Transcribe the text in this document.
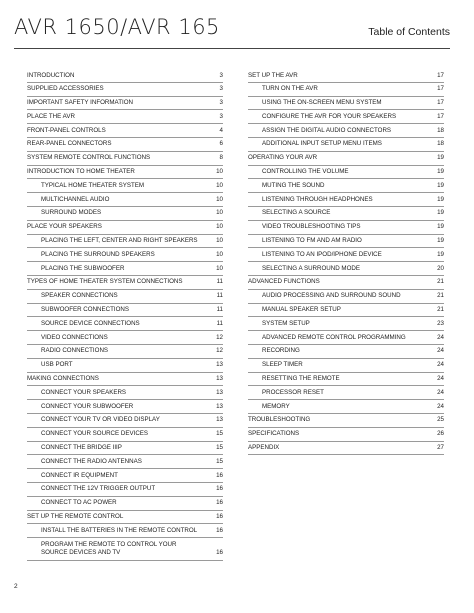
AVR 1650/AVR 165	Table of Contents
INTRODUCTION	3
SUPPLIED ACCESSORIES	3
IMPORTANT SAFETY INFORMATION	3
PLACE THE AVR	3
FRONT-PANEL CONTROLS	4
REAR-PANEL CONNECTORS	6
SYSTEM REMOTE CONTROL FUNCTIONS	8
INTRODUCTION TO HOME THEATER	10
TYPICAL HOME THEATER SYSTEM	10
MULTICHANNEL AUDIO	10
SURROUND MODES	10
PLACE YOUR SPEAKERS	10
PLACING THE LEFT, CENTER AND RIGHT SPEAKERS	10
PLACING THE SURROUND SPEAKERS	10
PLACING THE SUBWOOFER	10
TYPES OF HOME THEATER SYSTEM CONNECTIONS	11
SPEAKER CONNECTIONS	11
SUBWOOFER CONNECTIONS	11
SOURCE DEVICE CONNECTIONS	11
VIDEO CONNECTIONS	12
RADIO CONNECTIONS	12
USB PORT	13
MAKING CONNECTIONS	13
CONNECT YOUR SPEAKERS	13
CONNECT YOUR SUBWOOFER	13
CONNECT YOUR TV OR VIDEO DISPLAY	13
CONNECT YOUR SOURCE DEVICES	15
CONNECT THE BRIDGE IIIP	15
CONNECT THE RADIO ANTENNAS	15
CONNECT IR EQUIPMENT	16
CONNECT THE 12V TRIGGER OUTPUT	16
CONNECT TO AC POWER	16
SET UP THE REMOTE CONTROL	16
INSTALL THE BATTERIES IN THE REMOTE CONTROL	16
PROGRAM THE REMOTE TO CONTROL YOUR SOURCE DEVICES AND TV	16
SET UP THE AVR	17
TURN ON THE AVR	17
USING THE ON-SCREEN MENU SYSTEM	17
CONFIGURE THE AVR FOR YOUR SPEAKERS	17
ASSIGN THE DIGITAL AUDIO CONNECTORS	18
ADDITIONAL INPUT SETUP MENU ITEMS	18
OPERATING YOUR AVR	19
CONTROLLING THE VOLUME	19
MUTING THE SOUND	19
LISTENING THROUGH HEADPHONES	19
SELECTING A SOURCE	19
VIDEO TROUBLESHOOTING TIPS	19
LISTENING TO FM AND AM RADIO	19
LISTENING TO AN IPOD/IPHONE DEVICE	19
SELECTING A SURROUND MODE	20
ADVANCED FUNCTIONS	21
AUDIO PROCESSING AND SURROUND SOUND	21
MANUAL SPEAKER SETUP	21
SYSTEM SETUP	23
ADVANCED REMOTE CONTROL PROGRAMMING	24
RECORDING	24
SLEEP TIMER	24
RESETTING THE REMOTE	24
PROCESSOR RESET	24
MEMORY	24
TROUBLESHOOTING	25
SPECIFICATIONS	26
APPENDIX	27
2
